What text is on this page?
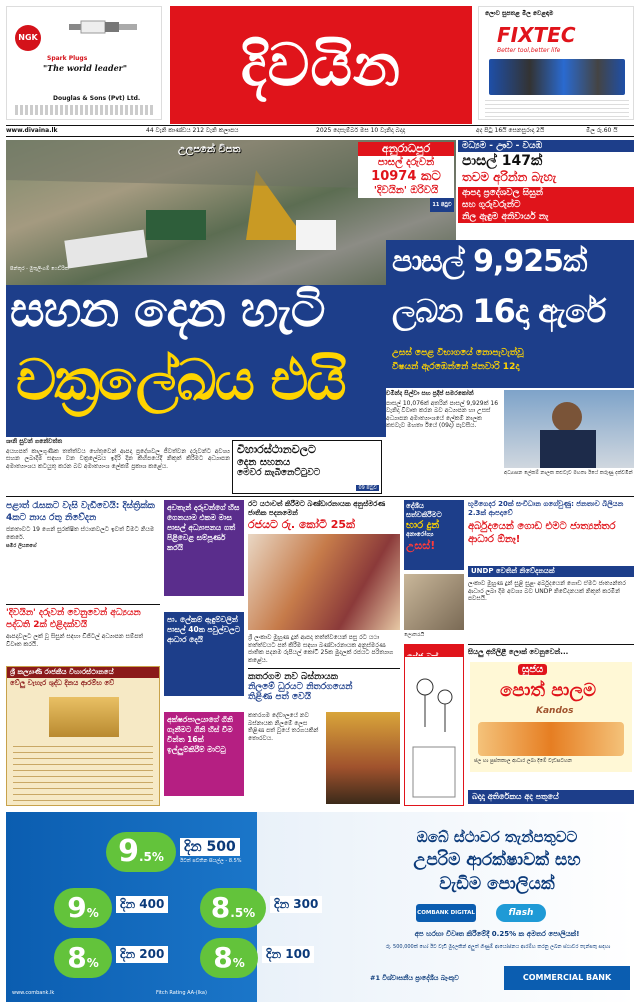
NGK
Spark Plugs
"The world leader"
Douglas & Sons (Pvt) Ltd. දිවයින
ලොව සුපතළ මිල වෙළඳාම
FIXTEC
Better tool,better life
www.divaina.lk	44 වැනි කාණ්ඩය 212 වැනි කලාපය	2025 දෙසැම්බර් මස 10 වැනිදා බදාදා	අද පිටු 16යි සෙනසුරාදා 2යි	මිල රු.60 යි
උලපනේ විපත
පින්තූර - මුතුලිංගම් ෆෙඩ්රික්
අනුරාධපුර
පාසල් දරුවන්
10974 කට
'දිවයින' ඔරිවයි
11 පිටුව
සහන දෙන හැටි
චක්‍රලේඛය එයි
පාසල් 9,925ක්
ලබන 16දා ඇරේ
උසස් පෙළ විභාගයේ නොපැවැත්වූ
විෂයන් ඇරඹෙන්නේ ජනවාරි 12දා
මධ්‍යම - ඌව - වයඹ
පාසල් 147ක්
තවම අරින්න බැහැ
ආපදා ප්‍රදේශවල සිසුන්
සහ ගුරුවරුන්ට
නිල ඇඳුම අනිවාර්ය නැ
ශානි සුවන් ගනේවත්ත
අයහපත් කාලගුණික තත්ත්වය හේතුවෙන් ආපදා ප්‍රදේශවල ජීවත්වන දරුවන්ට අවශ්‍ය සහන ලබාදීම සඳහා වන චක්‍රලේඛය ඉදිරි දින කිහිපයේදී නිකුත් කිරීමට අධ්‍යාපන අමාත්‍යාංශය කටයුතු කරන බව අමාත්‍යාංශ ලේකම් ප්‍රකාශ කළේය.
විහාරස්ථානවලට
දෙන සහනය
මෙවර කැබිනෙට්ටුවට
09 පිටුව
චමින්ද සිල්වා සහ ප්‍රදීප් සමරකෝන්
පාසල් 10,076ක් අතරින් පාසල් 9,929ක් 16 වැනිදා විවෘත කරන බව අධ්‍යාපන හා උසස් අධ්‍යාපන අමාත්‍යාංශයේ ලේකම් නාලක කළුවැව මහතා ඊයේ (09දා) පැවසීය.
අධ්‍යාපන ලේකම් නාලක කළුවැව මහතා ඊයේ කරුණු දක්වමින්
පළාත් රැසකට වැසි වැඩිවෙයි: දිස්ත්‍රික්ක 4කට නාය රතු නිවේදන
ජනතාවට 19 ගෙන් සුරක්ෂිත ස්ථානවලට ඉවත් වීමට නියම කෙරේ.
සමීර ලියනගේ
'දිවයින' දරුවන් වෙනුවෙන් අධ්‍යයන පද්ධති 2ක් එළිදක්වයි
ආපදාවලට ලක් වූ සිසුන් සඳහා ඩිජිටල් අධ්‍යාපන සම්පත් විවෘත කරයි.
ශ්‍රී කල්‍යාණි රාජකීය විහාරස්ථානයේ
වේලු වැහැර ශුද්ධ දිනය ආරම්භ වේ
අවතැන් දරුවන්ගේ හිස ගෙනයාම එකම මාස පාසල් අධ්‍යාපනය ගත් පිළිවෙළ සම්පූර්ණ කරයි
පා. ලේකම් ඇඳුම්වලින් පාසල් 40ක පවුල්වලට ආධාර දෙයි
අක්ෂරපාලයාගේ ගිනි ගැනීමට ගිනි හිස් වීම වින්ත 16ක් ඉල්ලුම්කිරීම් මාට්ටු
රට යථාවත් කිරීමට බණ්ඩාරනායක අනුස්මරණ ජාතික පදනමෙන්
රජයට රු. කෝටි 25ක්
ශ්‍රී ලංකාව මුහුණ දුන් ආපදා තත්ත්වයෙන් පසු රට යථා තත්ත්වයට පත් කිරීම සඳහා බණ්ඩාරනායක අනුස්මරණ ජාතික පදනම රුපියල් කෝටි 25ක මුදලක් රජයට පරිත්‍යාග කළේය.
කතරගම නව බස්නායක
නිලමේ ධුරයට නිතරගයෙන්
තිළිණ පත් වෙයි
කතරගම දේවාලයේ නව බස්නායක නිලමේ ලෙස තිළිණ පත් වූයේ තරගයකින් තොරවය.
දේශීය
සත්වකිරීමට
භාර දුන්
අනාරෝග්‍ය
උසස්!
ලොතරැයි
භූමිගෙදර 20ක් සංවිධාන ගගේවුණු: ජනතාව බිලියන 2.3ක් ආපදාවේ
අර්බුදයෙන් ගොඩ එමට ජාත්‍යන්තර ආධාර ඕනෑ!
UNDP වෙතින් නිවේදනයක්
ලංකාව මුහුණ දුන් සුළි සුළං අර්බුදයෙන් ගොඩ ඒමට ජාත්‍යන්තර ආධාර ලබා දීම අවශ්‍ය බව UNDP නිවේදනයක් නිකුත් කරමින් පවසයි.
සියලු අභිලිළී ලොක් වෙනුවෙන්...
සුජය
පොත් පාලම
Kandos
ජල හා පුස්තකාල ආධාර ලබා දීමේ වැඩසටහන
බදාදා අතිරේකය අද පතුයේ
9.5%
දින 500
ඊටත් පවතින සියල්ල - 8.5%
9%
දින 400	8.5%
දින 300
8%
දින 200	8%
දින 100
www.combank.lk	Fitch Rating AA-(lka)
ඔබේ ස්ථාවර තැන්පතුවට
උපරිම ආරක්ෂාවක් සහ
වැඩිම පොලියක්
COMBANK DIGITAL	flash
අප හරහා විවෘත කිරීමේදී 0.25% ක අමතර පොලියක්!
රු. 500,000ක් හෝ ඊට වැඩි මුදලකින් අලුත් ගිණුම් ආයෝජනය ආරම්භ කරනු ලබන ස්ථාවර තැන්පතු සඳහා
#1 විශ්වාසනීය ප්‍රාදේශීය බැංකුව	COMMERCIAL BANK
